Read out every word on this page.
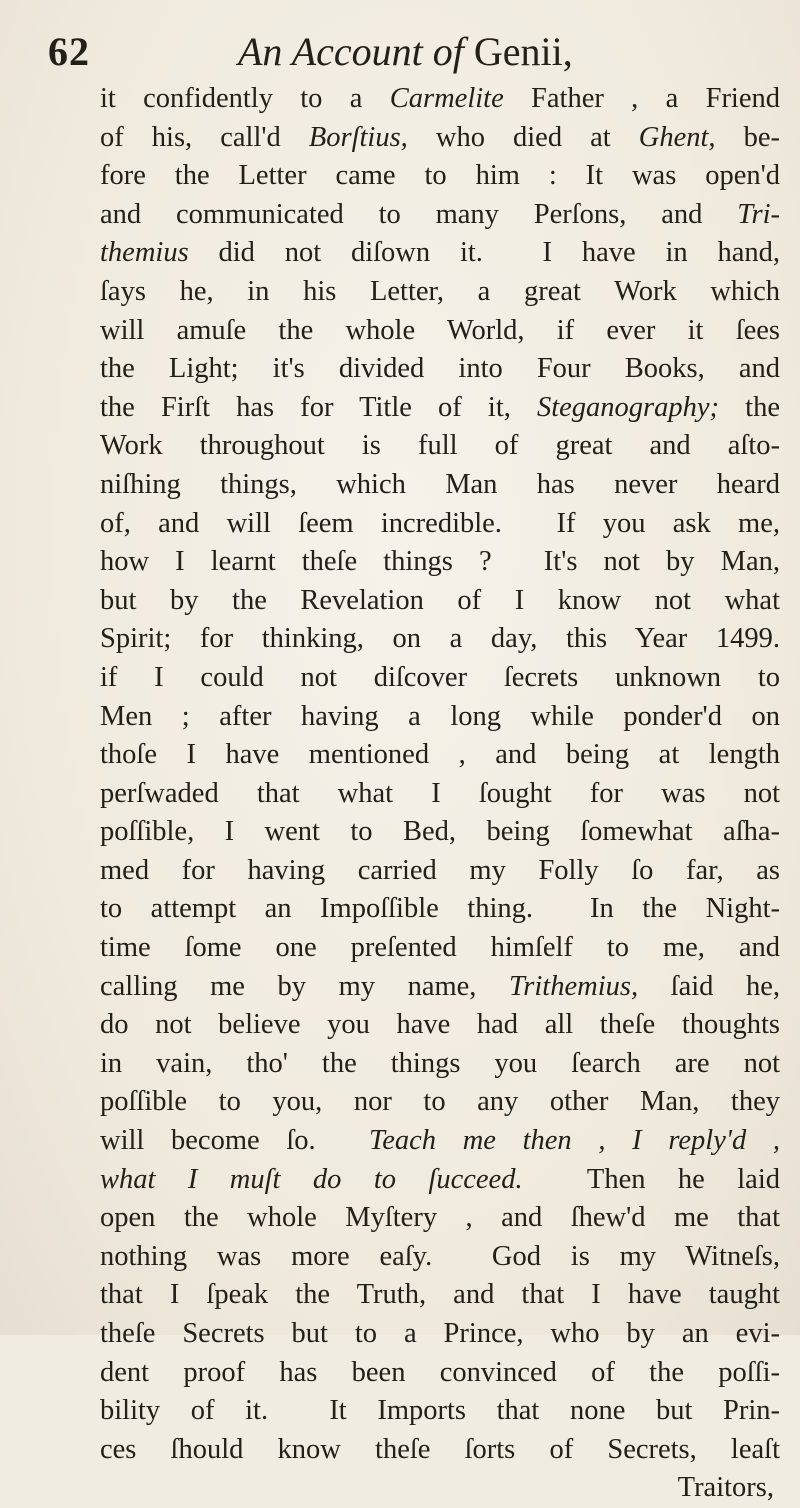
62	An Account of Genii,
it confidently to a Carmelite Father , a Friend
of his, call'd Borſtius, who died at Ghent, be-
fore the Letter came to him : It was open'd
and communicated to many Perſons, and Tri-
themius did not diſown it.  I have in hand,
ſays he, in his Letter, a great Work which
will amuſe the whole World, if ever it ſees
the Light; it's divided into Four Books, and
the Firſt has for Title of it, Steganography; the
Work throughout is full of great and aſto-
niſhing things, which Man has never heard
of, and will ſeem incredible.  If you ask me,
how I learnt theſe things ?  It's not by Man,
but by the Revelation of I know not what
Spirit; for thinking, on a day, this Year 1499.
if I could not diſcover ſecrets unknown to
Men ; after having a long while ponder'd on
thoſe I have mentioned , and being at length
perſwaded that what I ſought for was not
poſſible, I went to Bed, being ſomewhat aſha-
med for having carried my Folly ſo far, as
to attempt an Impoſſible thing.  In the Night-
time ſome one preſented himſelf to me, and
calling me by my name, Trithemius, ſaid he,
do not believe you have had all theſe thoughts
in vain, tho' the things you ſearch are not
poſſible to you, nor to any other Man, they
will become ſo.  Teach me then , I reply'd ,
what I muſt do to ſucceed.  Then he laid
open the whole Myſtery , and ſhew'd me that
nothing was more eaſy.  God is my Witneſs,
that I ſpeak the Truth, and that I have taught
theſe Secrets but to a Prince, who by an evi-
dent proof has been convinced of the poſſi-
bility of it.  It Imports that none but Prin-
ces ſhould know theſe ſorts of Secrets, leaſt
Traitors,
